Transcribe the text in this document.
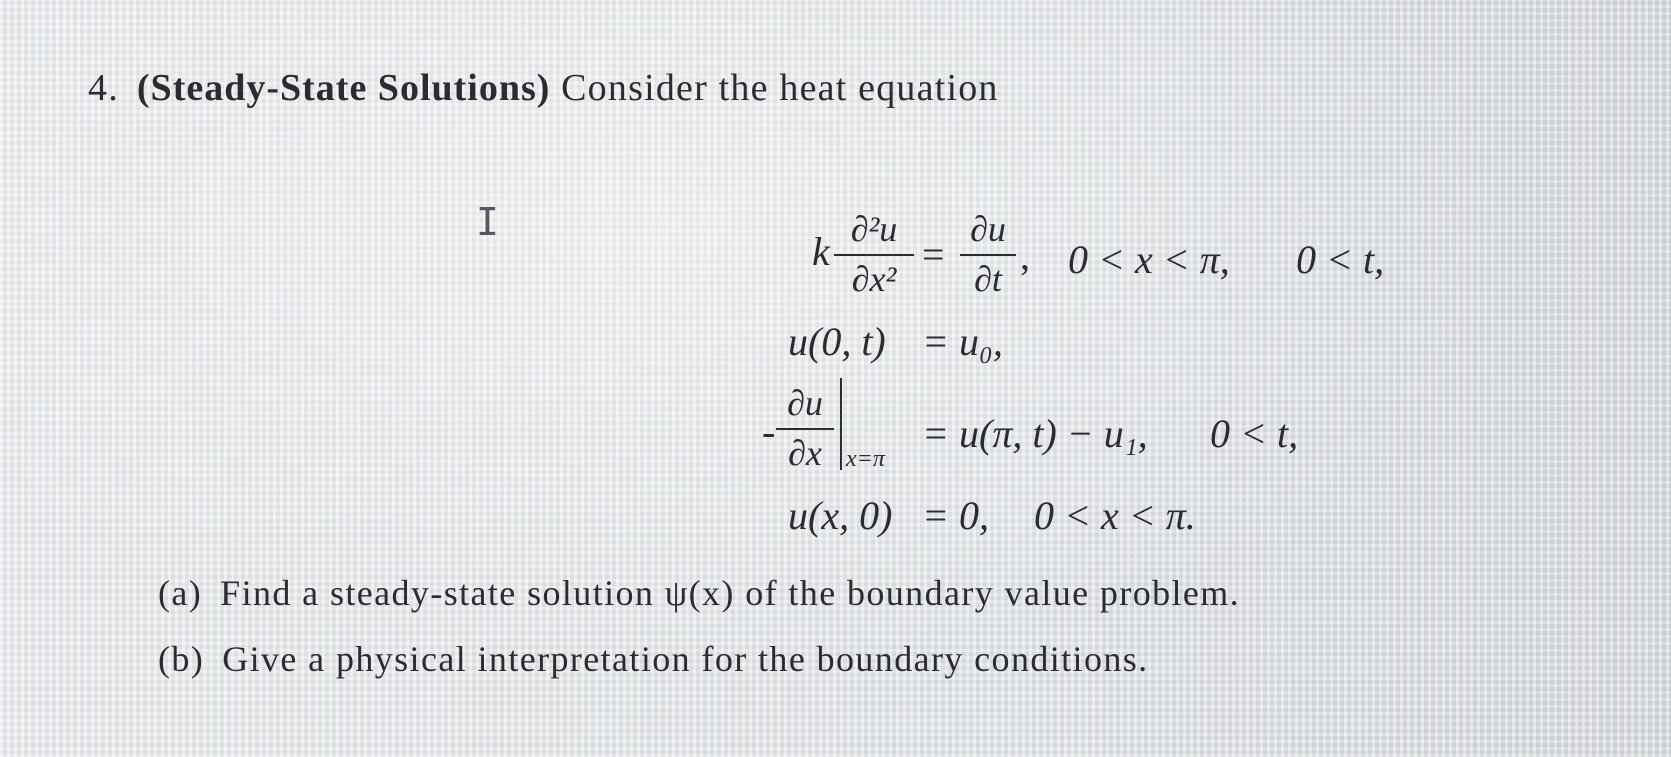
4. (Steady-State Solutions) Consider the heat equation
I
k ∂²u
∂x²
=
∂u
∂t
, 0 < x < π, 0 < t,
u(0, t) = u₀,
-
∂u
∂x	x=π
= u(π, t) − u₁, 0 < t,
u(x, 0) = 0, 0 < x < π.
(a) Find a steady-state solution ψ(x) of the boundary value problem.
(b) Give a physical interpretation for the boundary conditions.
